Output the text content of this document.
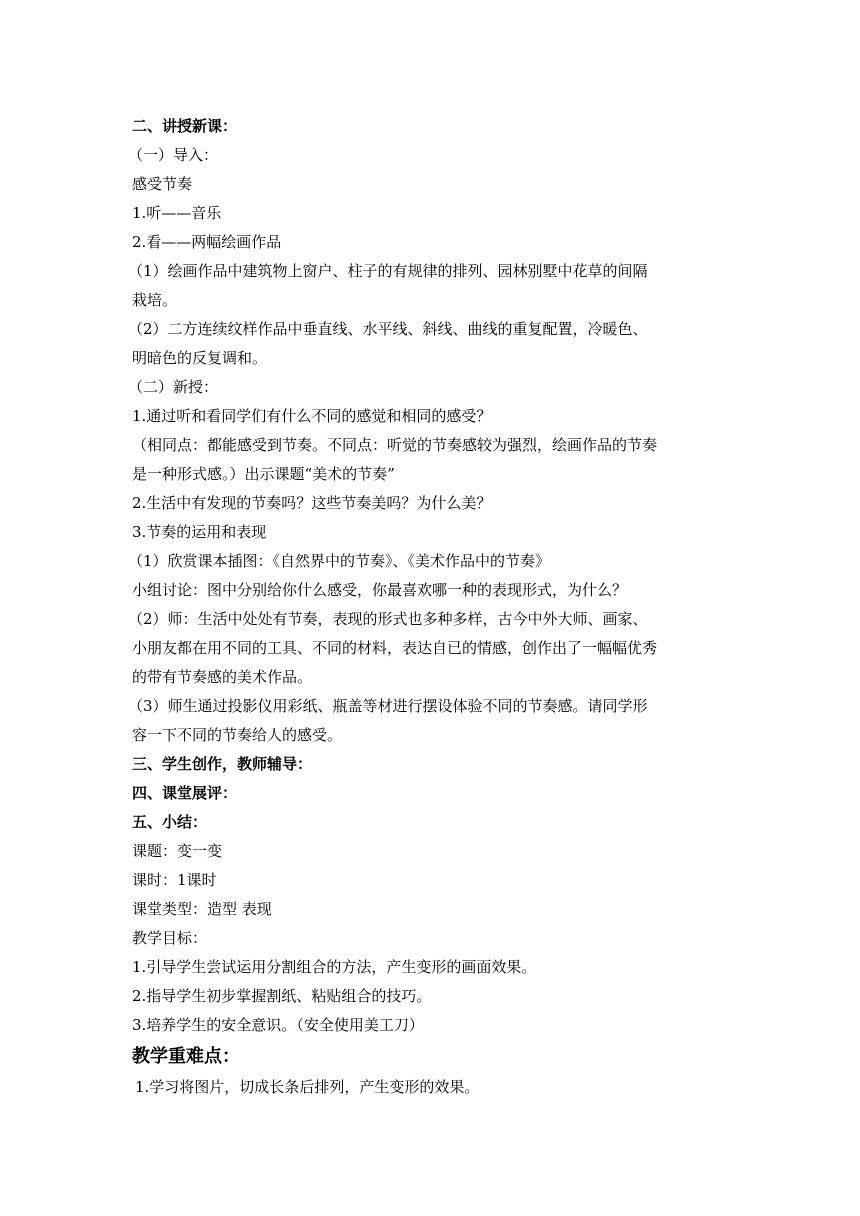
二、讲授新课：
（一）导入：
感受节奏
1.听——音乐
2.看——两幅绘画作品
（1）绘画作品中建筑物上窗户、柱子的有规律的排列、园林别墅中花草的间隔
栽培。
（2）二方连续纹样作品中垂直线、水平线、斜线、曲线的重复配置，冷暖色、
明暗色的反复调和。
（二）新授：
1.通过听和看同学们有什么不同的感觉和相同的感受？
（相同点：都能感受到节奏。不同点：听觉的节奏感较为强烈，绘画作品的节奏
是一种形式感。）出示课题“美术的节奏”
2.生活中有发现的节奏吗？这些节奏美吗？为什么美？
3.节奏的运用和表现
（1）欣赏课本插图：《自然界中的节奏》、《美术作品中的节奏》
小组讨论：图中分别给你什么感受，你最喜欢哪一种的表现形式，为什么？
（2）师：生活中处处有节奏，表现的形式也多种多样，古今中外大师、画家、
小朋友都在用不同的工具、不同的材料，表达自已的情感，创作出了一幅幅优秀
的带有节奏感的美术作品。
（3）师生通过投影仪用彩纸、瓶盖等材进行摆设体验不同的节奏感。请同学形
容一下不同的节奏给人的感受。
三、学生创作，教师辅导：
四、课堂展评：
五、小结：
课题：变一变
课时：1课时
课堂类型：造型 表现
教学目标：
1.引导学生尝试运用分割组合的方法，产生变形的画面效果。
2.指导学生初步掌握割纸、粘贴组合的技巧。
3.培养学生的安全意识。（安全使用美工刀）
教学重难点：
1.学习将图片，切成长条后排列，产生变形的效果。
